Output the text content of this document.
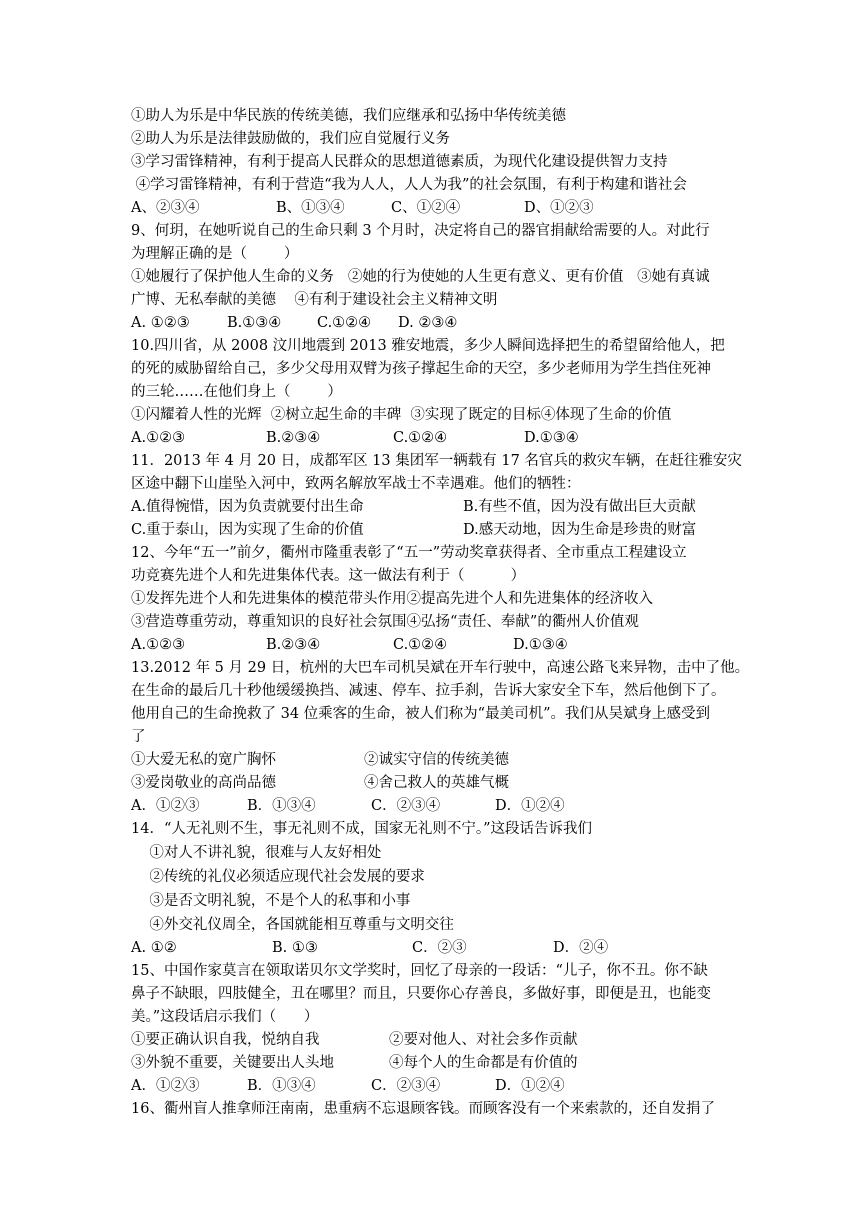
①助人为乐是中华民族的传统美德，我们应继承和弘扬中华传统美德
②助人为乐是法律鼓励做的，我们应自觉履行义务
③学习雷锋精神，有利于提高人民群众的思想道德素质，为现代化建设提供智力支持
④学习雷锋精神，有利于营造“我为人人，人人为我”的社会氛围，有利于构建和谐社会

A、②③④

	B、①③④

	C、①②④

	D、①②③

9、何玥，在她听说自己的生命只剩 3 个月时，决定将自己的器官捐献给需要的人。对此行
为理解正确的是（        ）
①她履行了保护他人生命的义务   ②她的行为使她的人生更有意义、更有价值   ③她有真诚
广博、无私奉献的美德    ④有利于建设社会主义精神文明

A. ①②③

	B.①③④

C.①②④

D. ②③④

10.四川省，从 2008 汶川地震到 2013 雅安地震，多少人瞬间选择把生的希望留给他人，把
的死的威胁留给自己，多少父母用双臂为孩子撑起生命的天空，多少老师用为学生挡住死神
的三轮……在他们身上（        ）
①闪耀着人性的光辉  ②树立起生命的丰碑  ③实现了既定的目标④体现了生命的价值

A.①②③

	B.②③④

	C.①②④

	D.①③④

11．2013 年 4 月 20 日，成都军区 13 集团军一辆载有 17 名官兵的救灾车辆，在赶往雅安灾
区途中翻下山崖坠入河中，致两名解放军战士不幸遇难。他们的牺牲：

A.值得惋惜，因为负责就要付出生命

	B.有些不值，因为没有做出巨大贡献

C.重于泰山，因为实现了生命的价值

	D.感天动地，因为生命是珍贵的财富

12、今年“五一”前夕，衢州市隆重表彰了“五一”劳动奖章获得者、全市重点工程建设立
功竞赛先进个人和先进集体代表。这一做法有利于（          ）
①发挥先进个人和先进集体的模范带头作用②提高先进个人和先进集体的经济收入
③营造尊重劳动，尊重知识的良好社会氛围④弘扬“责任、奉献”的衢州人价值观

A.①②③

	B.②③④

	C.①②④

	D.①③④

13.2012 年 5 月 29 日，杭州的大巴车司机吴斌在开车行驶中，高速公路飞来异物，击中了他。
在生命的最后几十秒他缓缓换挡、减速、停车、拉手刹，告诉大家安全下车，然后他倒下了。
他用自己的生命挽救了 34 位乘客的生命，被人们称为“最美司机”。我们从吴斌身上感受到
了

①大爱无私的宽广胸怀

	②诚实守信的传统美德

③爱岗敬业的高尚品德

	④舍己救人的英雄气概

A．①②③

	B．①③④

	C．②③④

	D．①②④

14．“人无礼则不生，事无礼则不成，国家无礼则不宁。”这段话告诉我们
①对人不讲礼貌，很难与人友好相处
②传统的礼仪必须适应现代社会发展的要求
③是否文明礼貌，不是个人的私事和小事
④外交礼仪周全，各国就能相互尊重与文明交往

A. ①②

	B. ①③

	C．②③

	D．②④

15、中国作家莫言在领取诺贝尔文学奖时，回忆了母亲的一段话：“儿子，你不丑。你不缺
鼻子不缺眼，四肢健全，丑在哪里？而且，只要你心存善良，多做好事，即便是丑，也能变
美。”这段话启示我们（      ）

①要正确认识自我，悦纳自我

	②要对他人、对社会多作贡献

③外貌不重要，关键要出人头地

	④每个人的生命都是有价值的

A．①②③

	B．①③④

	C．②③④

	D．①②④

16、衢州盲人推拿师汪南南，患重病不忘退顾客钱。而顾客没有一个来索款的，还自发捐了
